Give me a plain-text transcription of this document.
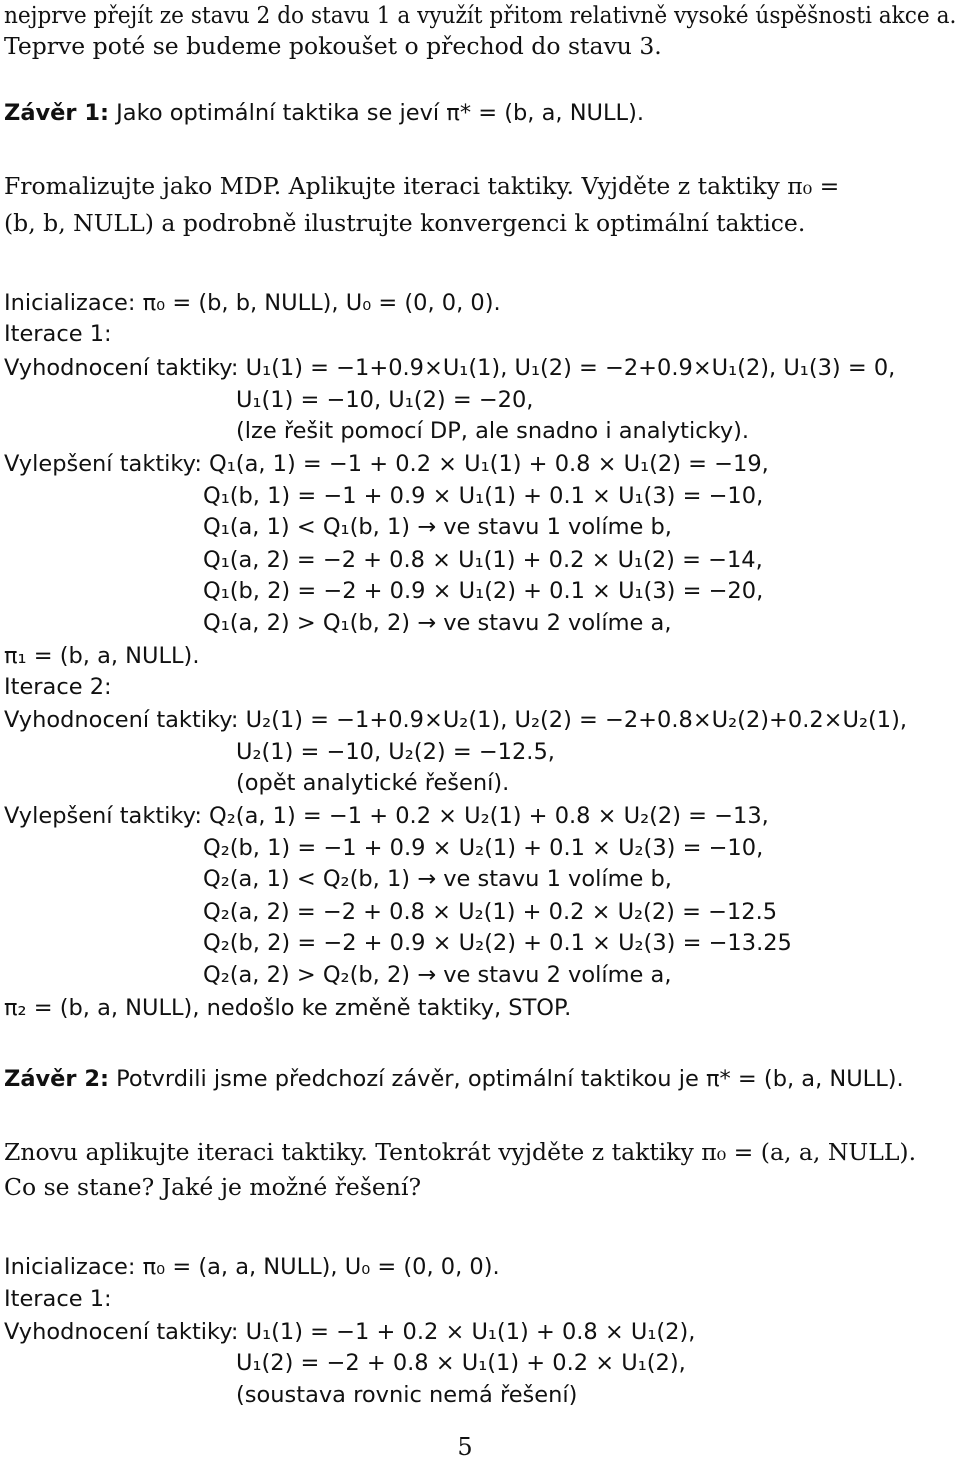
nejprve přejít ze stavu 2 do stavu 1 a využít přitom relativně vysoké úspěšnosti akce a.
Teprve poté se budeme pokoušet o přechod do stavu 3.
Závěr 1: Jako optimální taktika se jeví π* = (b, a, NULL).
Fromalizujte jako MDP. Aplikujte iteraci taktiky. Vyjděte z taktiky π₀ =
(b, b, NULL) a podrobně ilustrujte konvergenci k optimální taktice.
Inicializace: π₀ = (b, b, NULL), U₀ = (0, 0, 0).
Iterace 1:
Vyhodnocení taktiky: U₁(1) = −1+0.9×U₁(1), U₁(2) = −2+0.9×U₁(2), U₁(3) = 0,
U₁(1) = −10, U₁(2) = −20,
(lze řešit pomocí DP, ale snadno i analyticky).
Vylepšení taktiky: Q₁(a, 1) = −1 + 0.2 × U₁(1) + 0.8 × U₁(2) = −19,
Q₁(b, 1) = −1 + 0.9 × U₁(1) + 0.1 × U₁(3) = −10,
Q₁(a, 1) < Q₁(b, 1) → ve stavu 1 volíme b,
Q₁(a, 2) = −2 + 0.8 × U₁(1) + 0.2 × U₁(2) = −14,
Q₁(b, 2) = −2 + 0.9 × U₁(2) + 0.1 × U₁(3) = −20,
Q₁(a, 2) > Q₁(b, 2) → ve stavu 2 volíme a,
π₁ = (b, a, NULL).
Iterace 2:
Vyhodnocení taktiky: U₂(1) = −1+0.9×U₂(1), U₂(2) = −2+0.8×U₂(2)+0.2×U₂(1),
U₂(1) = −10, U₂(2) = −12.5,
(opět analytické řešení).
Vylepšení taktiky: Q₂(a, 1) = −1 + 0.2 × U₂(1) + 0.8 × U₂(2) = −13,
Q₂(b, 1) = −1 + 0.9 × U₂(1) + 0.1 × U₂(3) = −10,
Q₂(a, 1) < Q₂(b, 1) → ve stavu 1 volíme b,
Q₂(a, 2) = −2 + 0.8 × U₂(1) + 0.2 × U₂(2) = −12.5
Q₂(b, 2) = −2 + 0.9 × U₂(2) + 0.1 × U₂(3) = −13.25
Q₂(a, 2) > Q₂(b, 2) → ve stavu 2 volíme a,
π₂ = (b, a, NULL), nedošlo ke změně taktiky, STOP.
Závěr 2: Potvrdili jsme předchozí závěr, optimální taktikou je π* = (b, a, NULL).
Znovu aplikujte iteraci taktiky. Tentokrát vyjděte z taktiky π₀ = (a, a, NULL).
Co se stane? Jaké je možné řešení?
Inicializace: π₀ = (a, a, NULL), U₀ = (0, 0, 0).
Iterace 1:
Vyhodnocení taktiky: U₁(1) = −1 + 0.2 × U₁(1) + 0.8 × U₁(2),
U₁(2) = −2 + 0.8 × U₁(1) + 0.2 × U₁(2),
(soustava rovnic nemá řešení)
5
